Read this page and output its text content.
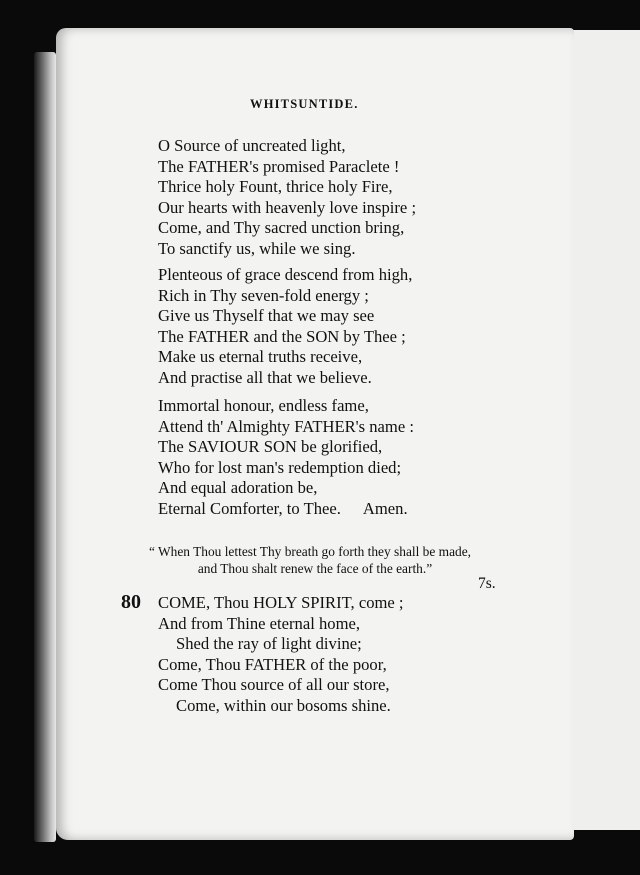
WHITSUNTIDE.
O Source of uncreated light,
The FATHER's promised Paraclete !
Thrice holy Fount, thrice holy Fire,
Our hearts with heavenly love inspire ;
Come, and Thy sacred unction bring,
To sanctify us, while we sing.
Plenteous of grace descend from high,
Rich in Thy seven-fold energy ;
Give us Thyself that we may see
The FATHER and the SON by Thee ;
Make us eternal truths receive,
And practise all that we believe.
Immortal honour, endless fame,
Attend th' Almighty FATHER's name :
The SAVIOUR SON be glorified,
Who for lost man's redemption died;
And equal adoration be,
Eternal Comforter, to Thee. Amen.
“ When Thou lettest Thy breath go forth they shall be made,
and Thou shalt renew the face of the earth.”
7s.
80 COME, Thou HOLY SPIRIT, come ;
And from Thine eternal home,
Shed the ray of light divine;
Come, Thou FATHER of the poor,
Come Thou source of all our store,
Come, within our bosoms shine.
